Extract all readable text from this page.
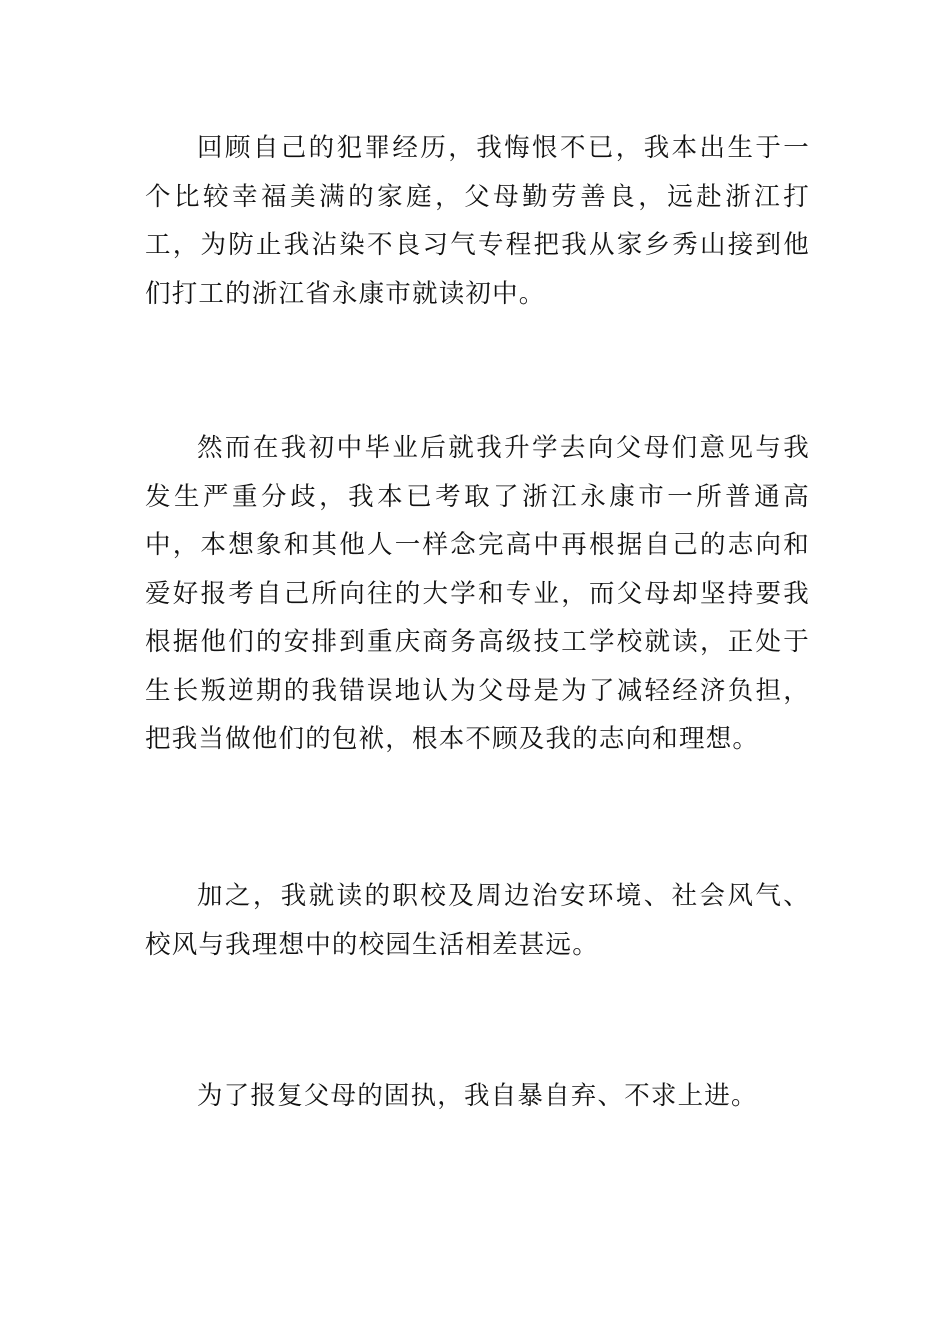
回顾自己的犯罪经历，我悔恨不已，我本出生于一个比较幸福美满的家庭，父母勤劳善良，远赴浙江打工，为防止我沾染不良习气专程把我从家乡秀山接到他们打工的浙江省永康市就读初中。

然而在我初中毕业后就我升学去向父母们意见与我发生严重分歧，我本已考取了浙江永康市一所普通高中，本想象和其他人一样念完高中再根据自己的志向和爱好报考自己所向往的大学和专业，而父母却坚持要我根据他们的安排到重庆商务高级技工学校就读，正处于生长叛逆期的我错误地认为父母是为了减轻经济负担，把我当做他们的包袱，根本不顾及我的志向和理想。

加之，我就读的职校及周边治安环境、社会风气、校风与我理想中的校园生活相差甚远。

为了报复父母的固执，我自暴自弃、不求上进。
